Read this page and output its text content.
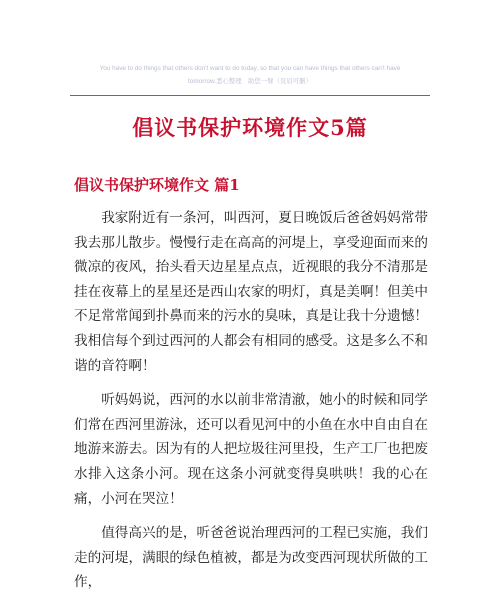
You have to do things that others don't want to do today, so that you can have things that others can't have
tomorrow.悉心整理　助您一臂（页眉可删）
倡议书保护环境作文5篇
倡议书保护环境作文 篇1

我家附近有一条河，叫西河，夏日晚饭后爸爸妈妈常带我去那儿散步。慢慢行走在高高的河堤上，享受迎面而来的微凉的夜风，抬头看天边星星点点，近视眼的我分不清那是挂在夜幕上的星星还是西山农家的明灯，真是美啊！但美中不足常常闻到扑鼻而来的污水的臭味，真是让我十分遗憾！我相信每个到过西河的人都会有相同的感受。这是多么不和谐的音符啊！

听妈妈说，西河的水以前非常清澈，她小的时候和同学们常在西河里游泳，还可以看见河中的小鱼在水中自由自在地游来游去。因为有的人把垃圾往河里投，生产工厂也把废水排入这条小河。现在这条小河就变得臭哄哄！我的心在痛，小河在哭泣！

值得高兴的是，听爸爸说治理西河的工程已实施，我们走的河堤，满眼的绿色植被，都是为改变西河现状所做的工作，
